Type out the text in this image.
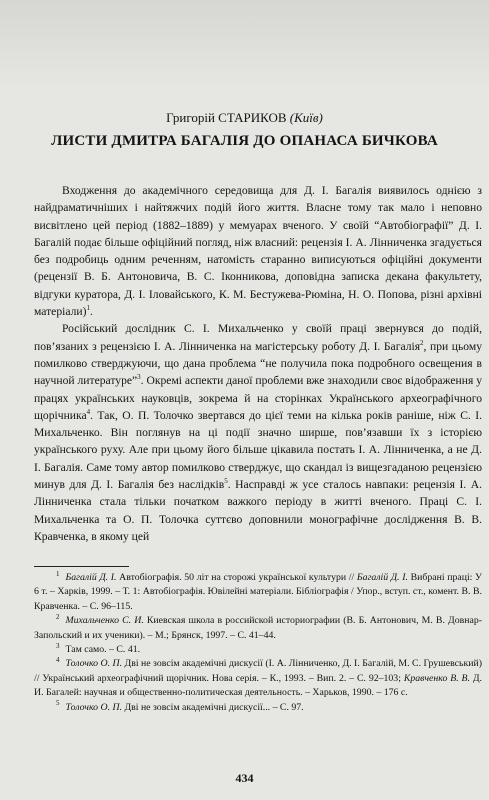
Григорій СТАРИКОВ (Київ)
ЛИСТИ ДМИТРА БАГАЛІЯ ДО ОПАНАСА БИЧКОВА

Входження до академічного середовища для Д. І. Багалія виявилось однією з найдраматичніших і найтяжчих подій його життя. Власне тому так мало і неповно висвітлено цей період (1882–1889) у мемуарах вченого. У своїй “Автобіографії” Д. І. Багалій подає більше офіційний погляд, ніж власний: рецензія І. А. Лінниченка згадується без подробиць одним реченням, натомість старанно виписуються офіційні документи (рецензії В. Б. Антоновича, В. С. Іконникова, доповідна записка декана факультету, відгуки куратора, Д. І. Іловайського, К. М. Бестужева-Рюміна, Н. О. Попова, різні архівні матеріали)$^1$.

Російський дослідник С. І. Михальченко у своїй праці звернувся до подій, пов’язаних з рецензією І. А. Лінниченка на магістерську роботу Д. І. Багалія$^2$, при цьому помилково стверджуючи, що дана проблема “не получила пока подробного освещения в научной литературе”$^3$. Окремі аспекти даної проблеми вже знаходили своє відображення у працях українських науковців, зокрема й на сторінках Українського археографічного щорічника$^4$. Так, О. П. Толочко звертався до цієї теми на кілька років раніше, ніж С. І. Михальченко. Він поглянув на ці події значно ширше, пов’язавши їх з історією українського руху. Але при цьому його більше цікавила постать І. А. Лінниченка, а не Д. І. Багалія. Саме тому автор помилково стверджує, що скандал із вищезгаданою рецензією минув для Д. І. Багалія без наслідків$^5$. Насправді ж усе сталось навпаки: рецензія І. А. Лінниченка стала тільки початком важкого періоду в житті вченого. Праці С. І. Михальченка та О. П. Толочка суттєво доповнили монографічне дослідження В. В. Кравченка, в якому цей

$^1$ Багалій Д. І. Автобіографія. 50 літ на сторожі української культури // Багалій Д. І. Вибрані праці: У 6 т. – Харків, 1999. – Т. 1: Автобіографія. Ювілейні матеріали. Бібліографія / Упор., вступ. ст., комент. В. В. Кравченка. – С. 96–115.

$^2$ Михальченко С. И. Киевская школа в российской историографии (В. Б. Антонович, М. В. Довнар-Запольский и их ученики). – М.; Брянск, 1997. – С. 41–44.

$^3$ Там само. – С. 41.

$^4$ Толочко О. П. Дві не зовсім академічні дискусії (І. А. Лінниченко, Д. І. Багалій, М. С. Грушевський) // Український археографічний щорічник. Нова серія. – К., 1993. – Вип. 2. – С. 92–103; Кравченко В. В. Д. И. Багалей: научная и общественно-политическая деятельность. – Харьков, 1990. – 176 с.

$^5$ Толочко О. П. Дві не зовсім академічні дискусії... – С. 97.

434
